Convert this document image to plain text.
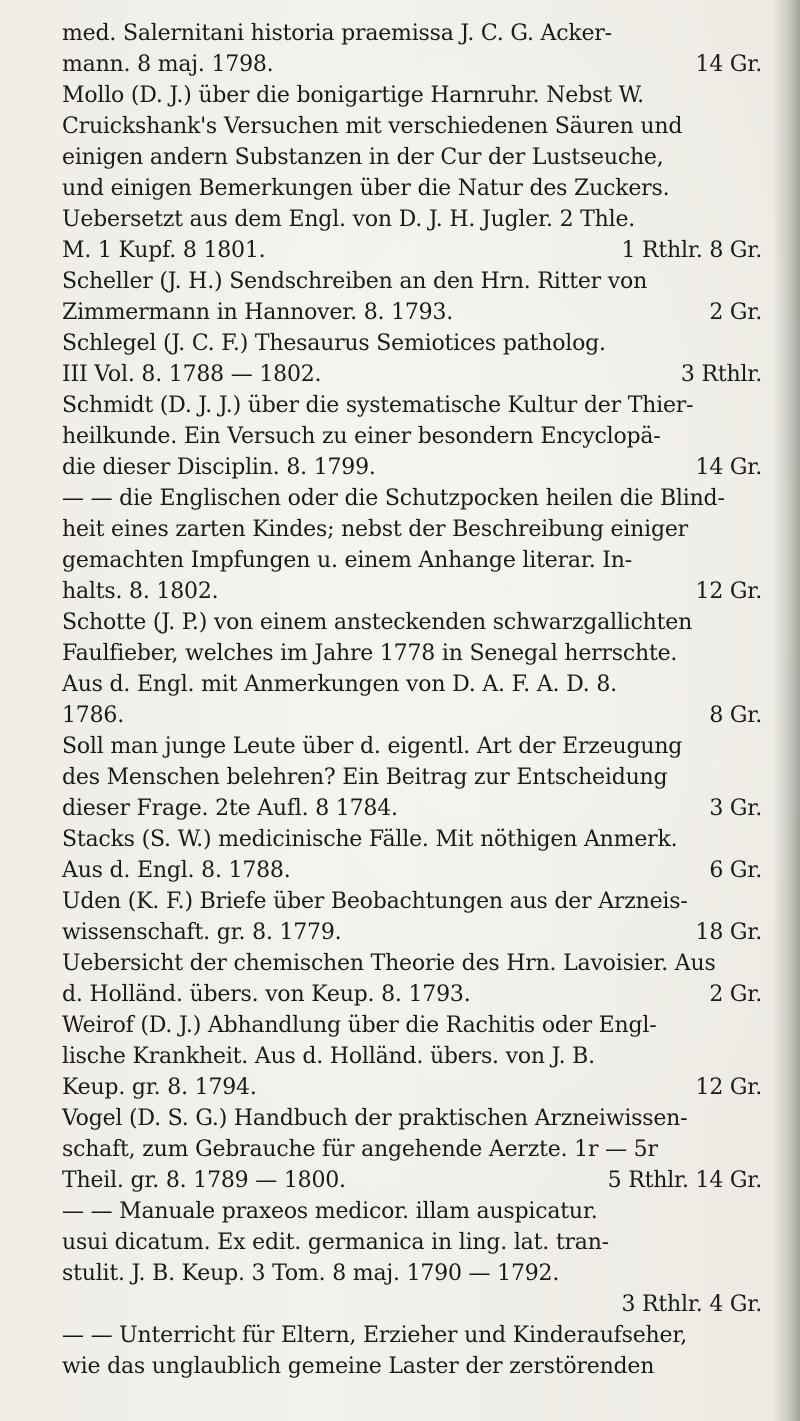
med. Salernitani historia praemissa J. C. G. Acker-
mann. 8 maj. 1798.	14 Gr.
Mollo (D. J.) über die bonigartige Harnruhr. Nebst W.
Cruickshank's Versuchen mit verschiedenen Säuren und
einigen andern Substanzen in der Cur der Lustseuche,
und einigen Bemerkungen über die Natur des Zuckers.
Uebersetzt aus dem Engl. von D. J. H. Jugler. 2 Thle.
M. 1 Kupf. 8 1801.	1 Rthlr. 8 Gr.
Scheller (J. H.) Sendschreiben an den Hrn. Ritter von
Zimmermann in Hannover. 8. 1793.	2 Gr.
Schlegel (J. C. F.) Thesaurus Semiotices patholog.
III Vol. 8. 1788 — 1802.	3 Rthlr.
Schmidt (D. J. J.) über die systematische Kultur der Thier-
heilkunde. Ein Versuch zu einer besondern Encyclopä-
die dieser Disciplin. 8. 1799.	14 Gr.
— — die Englischen oder die Schutzpocken heilen die Blind-
heit eines zarten Kindes; nebst der Beschreibung einiger
gemachten Impfungen u. einem Anhange literar. In-
halts. 8. 1802.	12 Gr.
Schotte (J. P.) von einem ansteckenden schwarzgallichten
Faulfieber, welches im Jahre 1778 in Senegal herrschte.
Aus d. Engl. mit Anmerkungen von D. A. F. A. D. 8.
1786.	8 Gr.
Soll man junge Leute über d. eigentl. Art der Erzeugung
des Menschen belehren? Ein Beitrag zur Entscheidung
dieser Frage. 2te Aufl. 8 1784.	3 Gr.
Stacks (S. W.) medicinische Fälle. Mit nöthigen Anmerk.
Aus d. Engl. 8. 1788.	6 Gr.
Uden (K. F.) Briefe über Beobachtungen aus der Arzneis-
wissenschaft. gr. 8. 1779.	18 Gr.
Uebersicht der chemischen Theorie des Hrn. Lavoisier. Aus
d. Holländ. übers. von Keup. 8. 1793.	2 Gr.
Weirof (D. J.) Abhandlung über die Rachitis oder Engl-
lische Krankheit. Aus d. Holländ. übers. von J. B.
Keup. gr. 8. 1794.	12 Gr.
Vogel (D. S. G.) Handbuch der praktischen Arzneiwissen-
schaft, zum Gebrauche für angehende Aerzte. 1r — 5r
Theil. gr. 8. 1789 — 1800.	5 Rthlr. 14 Gr.
— — Manuale praxeos medicor. illam auspicatur.
usui dicatum. Ex edit. germanica in ling. lat. tran-
stulit. J. B. Keup. 3 Tom. 8 maj. 1790 — 1792.
3 Rthlr. 4 Gr.
— — Unterricht für Eltern, Erzieher und Kinderaufseher,
wie das unglaublich gemeine Laster der zerstörenden
